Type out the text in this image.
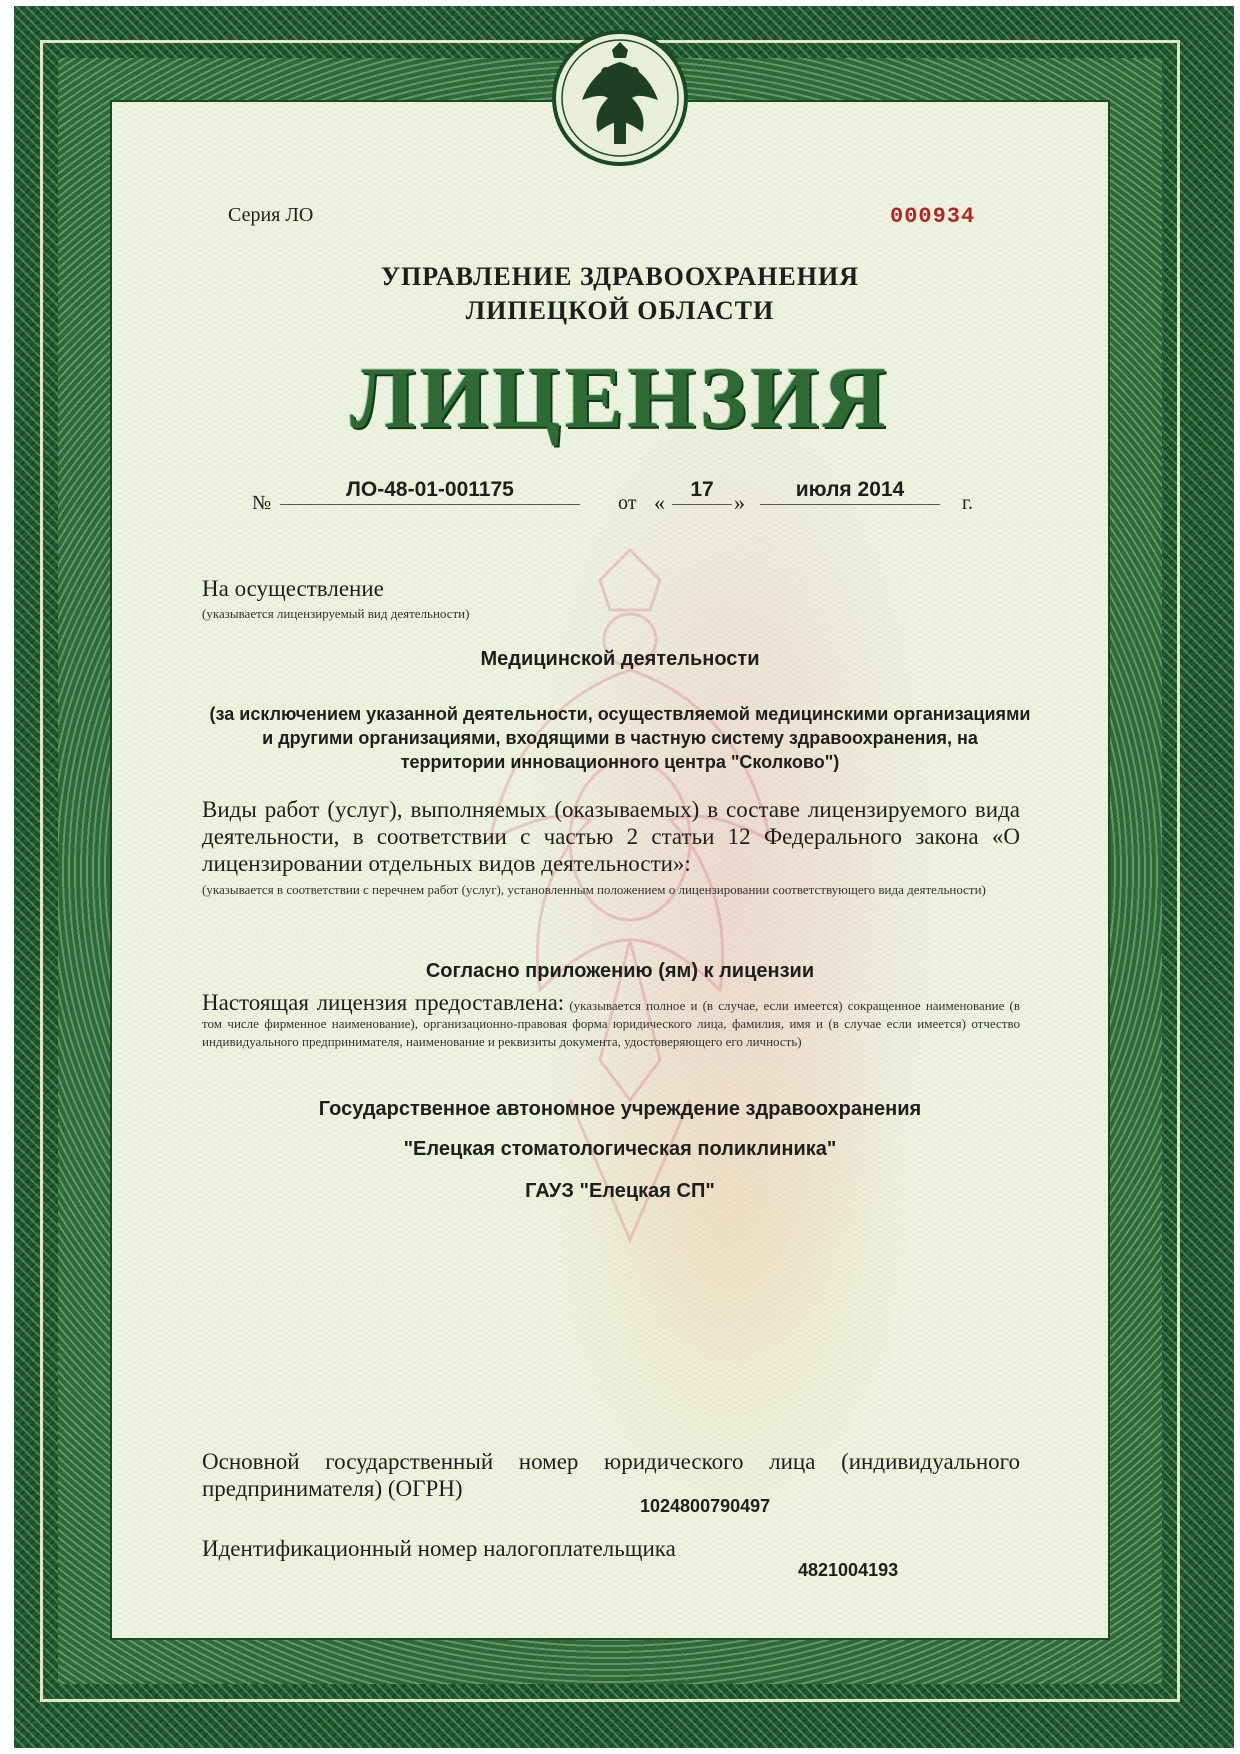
Серия ЛО	000934
УПРАВЛЕНИЕ ЗДРАВООХРАНЕНИЯ
ЛИПЕЦКОЙ ОБЛАСТИ
ЛИЦЕНЗИЯ
№
ЛО-48-01-001175
от «
17
»
июля 2014
г.
На осуществление
(указывается лицензируемый вид деятельности)
Медицинской деятельности
(за исключением указанной деятельности, осуществляемой медицинскими организациями
и другими организациями, входящими в частную систему здравоохранения, на
территории инновационного центра "Сколково")
Виды работ (услуг), выполняемых (оказываемых) в составе лицензируемого вида деятельности, в соответствии с частью 2 статьи 12 Федерального закона «О лицензировании отдельных видов деятельности»:
(указывается в соответствии с перечнем работ (услуг), установленным положением о лицензировании соответствующего вида деятельности)
Согласно приложению (ям) к лицензии
Настоящая лицензия предоставлена: (указывается полное и (в случае, если имеется) сокращенное наименование (в том числе фирменное наименование), организационно-правовая форма юридического лица, фамилия, имя и (в случае если имеется) отчество индивидуального предпринимателя, наименование и реквизиты документа, удостоверяющего его личность)
Государственное автономное учреждение здравоохранения
"Елецкая стоматологическая поликлиника"
ГАУЗ "Елецкая СП"
Основной государственный номер юридического лица (индивидуального предпринимателя) (ОГРН)
1024800790497
Идентификационный номер налогоплательщика
4821004193
